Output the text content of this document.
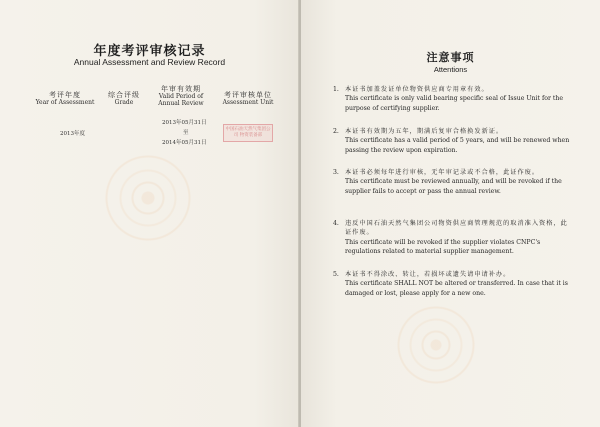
年度考评审核记录
Annual Assessment and Review Record
考评年度
Year of Assessment
综合评级
Grade
年审有效期
Valid Period of Annual Review
考评审核单位
Assessment Unit
2013年度
2013年05月31日
至
2014年05月31日
中国石油天然气集团公司 物资装备部
注意事项
Attentions
1. 本证书加盖发证单位物资供应商专用章有效。
This certificate is only valid bearing specific seal of Issue Unit for the purpose of certifying supplier.
2. 本证书有效期为五年，期满后复审合格换发新证。
This certificate has a valid period of 5 years, and will be renewed when passing the review upon expiration.
3. 本证书必须每年进行审核，无年审记录或不合格，此证作废。
This certificate must be reviewed annually, and will be revoked if the supplier fails to accept or pass the annual review.
4. 违反中国石油天然气集团公司物资供应商管理规范的取消准入资格，此证作废。
This certificate will be revoked if the supplier violates CNPC's regulations related to material supplier management.
5. 本证书不得涂改、转让，若损坏或遗失请申请补办。
This certificate SHALL NOT be altered or transferred. In case that it is damaged or lost, please apply for a new one.
